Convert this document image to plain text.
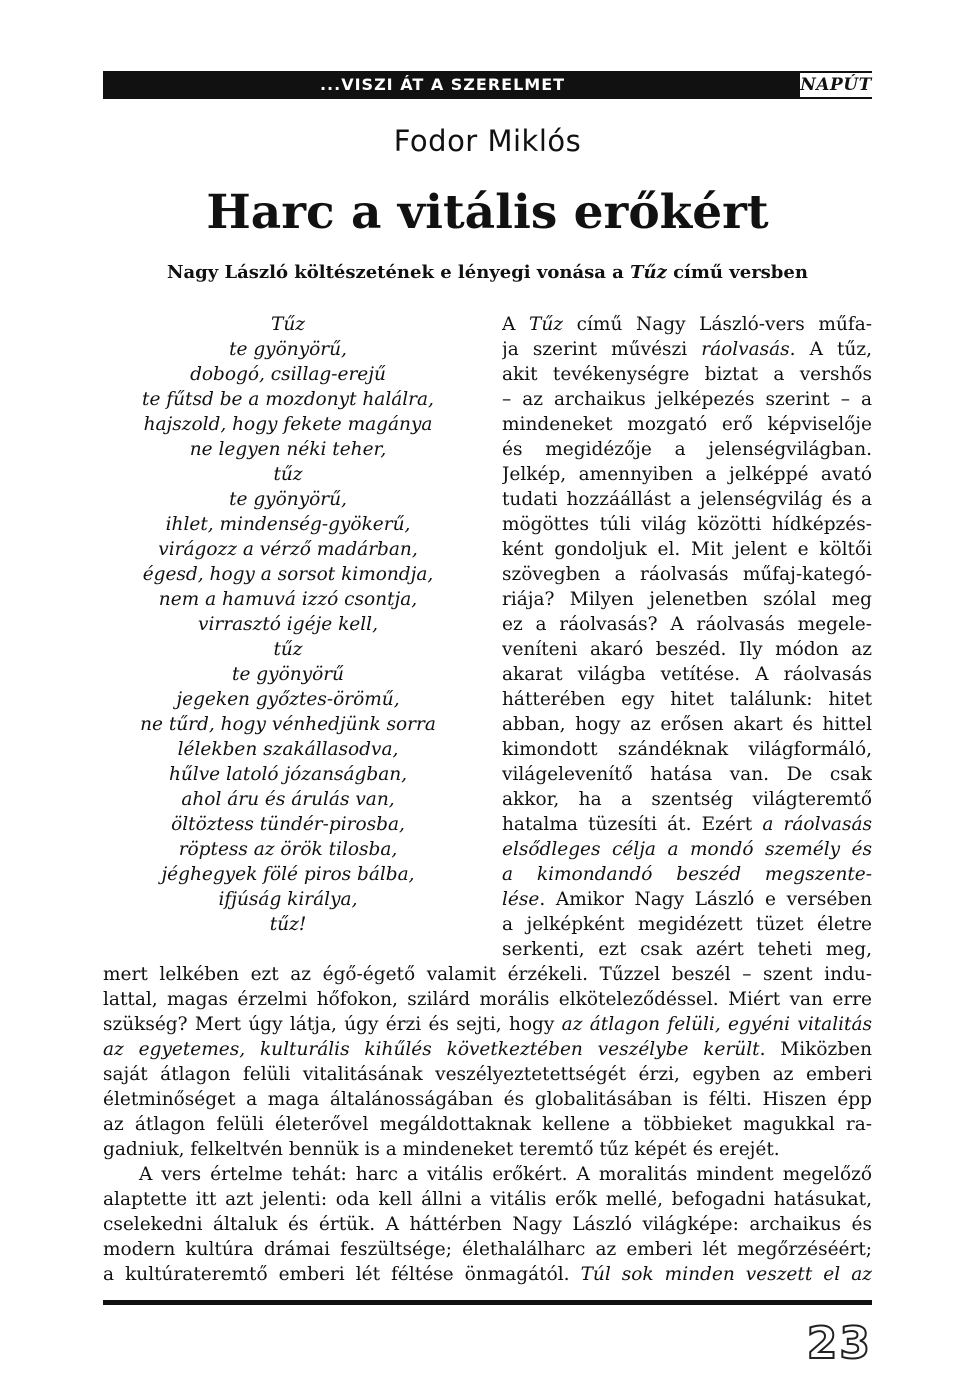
...VISZI ÁT A SZERELMET	NAPÚT
Fodor Miklós
Harc a vitális erőkért
Nagy László költészetének e lényegi vonása a Tűz című versben
Tűz
te gyönyörű,
dobogó, csillag-erejű
te fűtsd be a mozdonyt halálra,
hajszold, hogy fekete magánya
ne legyen néki teher,
tűz
te gyönyörű,
ihlet, mindenség-gyökerű,
virágozz a vérző madárban,
égesd, hogy a sorsot kimondja,
nem a hamuvá izzó csontja,
virrasztó igéje kell,
tűz
te gyönyörű
jegeken győztes-örömű,
ne tűrd, hogy vénhedjünk sorra
lélekben szakállasodva,
hűlve latoló józanságban,
ahol áru és árulás van,
öltöztess tündér-pirosba,
röptess az örök tilosba,
jéghegyek fölé piros bálba,
ifjúság királya,
tűz!
A Tűz című Nagy László-vers műfa-
ja szerint művészi ráolvasás. A tűz,
akit tevékenységre biztat a vershős
– az archaikus jelképezés szerint – a
mindeneket mozgató erő képviselője
és megidézője a jelenségvilágban.
Jelkép, amennyiben a jelképpé avató
tudati hozzáállást a jelenségvilág és a
mögöttes túli világ közötti hídképzés-
ként gondoljuk el. Mit jelent e költői
szövegben a ráolvasás műfaj-kategó-
riája? Milyen jelenetben szólal meg
ez a ráolvasás? A ráolvasás megele-
veníteni akaró beszéd. Ily módon az
akarat világba vetítése. A ráolvasás
hátterében egy hitet találunk: hitet
abban, hogy az erősen akart és hittel
kimondott szándéknak világformáló,
világelevenítő hatása van. De csak
akkor, ha a szentség világteremtő
hatalma tüzesíti át. Ezért a ráolvasás
elsődleges célja a mondó személy és
a kimondandó beszéd megszente-
lése. Amikor Nagy László e versében
a jelképként megidézett tüzet életre
serkenti, ezt csak azért teheti meg,
mert lelkében ezt az égő-égető valamit érzékeli. Tűzzel beszél – szent indu-
lattal, magas érzelmi hőfokon, szilárd morális elköteleződéssel. Miért van erre
szükség? Mert úgy látja, úgy érzi és sejti, hogy az átlagon felüli, egyéni vitalitás
az egyetemes, kulturális kihűlés következtében veszélybe került. Miközben
saját átlagon felüli vitalitásának veszélyeztetettségét érzi, egyben az emberi
életminőséget a maga általánosságában és globalitásában is félti. Hiszen épp
az átlagon felüli életerővel megáldottaknak kellene a többieket magukkal ra-
gadniuk, felkeltvén bennük is a mindeneket teremtő tűz képét és erejét.
A vers értelme tehát: harc a vitális erőkért. A moralitás mindent megelőző
alaptette itt azt jelenti: oda kell állni a vitális erők mellé, befogadni hatásukat,
cselekedni általuk és értük. A háttérben Nagy László világképe: archaikus és
modern kultúra drámai feszültsége; élethalálharc az emberi lét megőrzéséért;
a kultúrateremtő emberi lét féltése önmagától. Túl sok minden veszett el az
23
